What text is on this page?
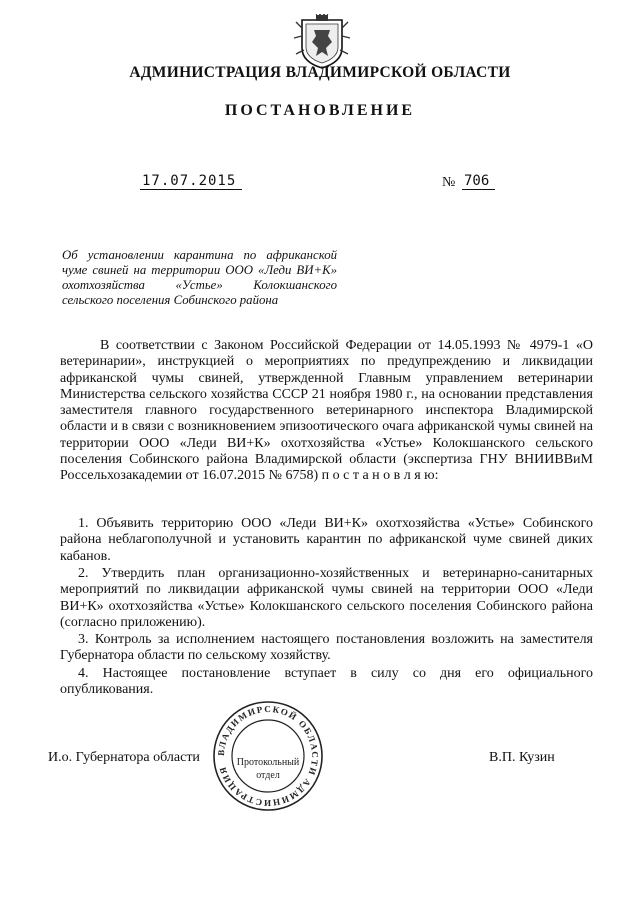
АДМИНИСТРАЦИЯ ВЛАДИМИРСКОЙ ОБЛАСТИ
ПОСТАНОВЛЕНИЕ
17.07.2015	№ 706
Об установлении карантина по африканской
чуме свиней на территории ООО «Леди ВИ+К»
охотхозяйства «Устье» Колокшанского
сельского поселения Собинского района

В соответствии с Законом Российской Федерации от 14.05.1993 № 4979-1 «О ветеринарии», инструкцией о мероприятиях по предупреждению и ликвидации африканской чумы свиней, утвержденной Главным управлением ветеринарии Министерства сельского хозяйства СССР 21 ноября 1980 г., на основании представления заместителя главного государственного ветеринарного инспектора Владимирской области и в связи с возникновением эпизоотического очага африканской чумы свиней на территории ООО «Леди ВИ+К» охотхозяйства «Устье» Колокшанского сельского поселения Собинского района Владимирской области (экспертиза ГНУ ВНИИВВиМ Россельхозакадемии от 16.07.2015 № 6758) п о с т а н о в л я ю:

1. Объявить территорию ООО «Леди ВИ+К» охотхозяйства «Устье» Собинского района неблагополучной и установить карантин по африканской чуме свиней диких кабанов.

2. Утвердить план организационно-хозяйственных и ветеринарно-санитарных мероприятий по ликвидации африканской чумы свиней на территории ООО «Леди ВИ+К» охотхозяйства «Устье» Колокшанского сельского поселения Собинского района (согласно приложению).

3. Контроль за исполнением настоящего постановления возложить на заместителя Губернатора области по сельскому хозяйству.

4. Настоящее постановление вступает в силу со дня его официального опубликования.

И.о. Губернатора области	В.П. Кузин
ВЛАДИМИРСКОЙ ОБЛАСТИ АДМИНИСТРАЦИЯ
Протокольный
отдел
